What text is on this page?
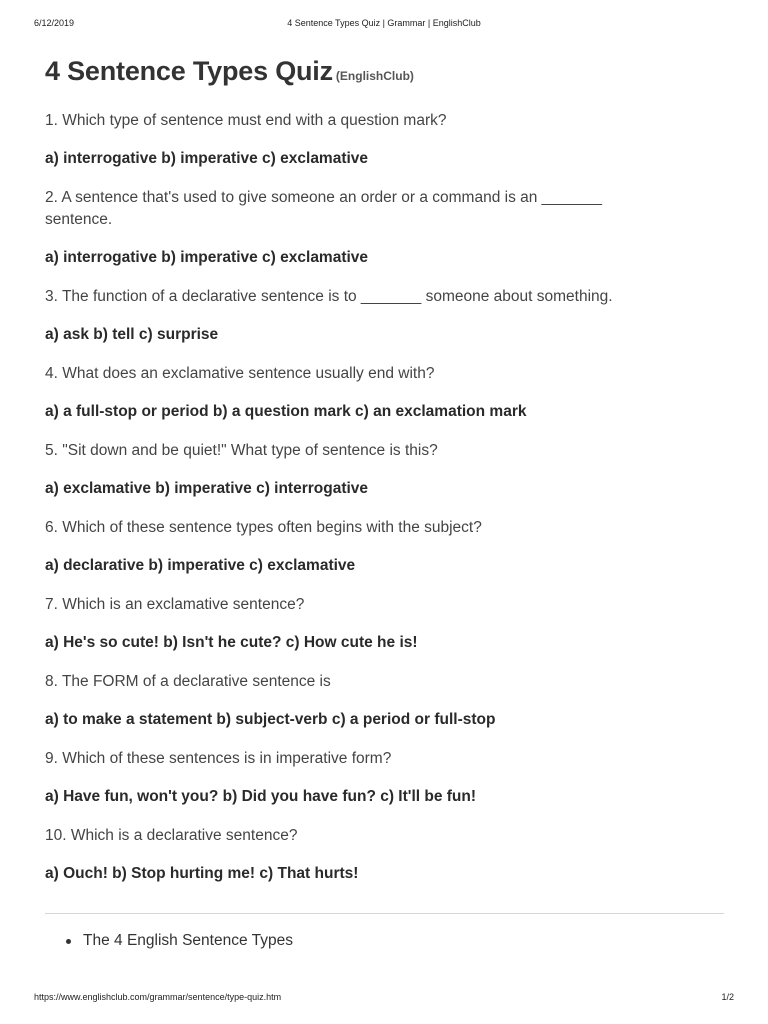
6/12/2019	4 Sentence Types Quiz | Grammar | EnglishClub
4 Sentence Types Quiz (EnglishClub)

1. Which type of sentence must end with a question mark?

a) interrogative b) imperative c) exclamative

2. A sentence that's used to give someone an order or a command is an _______ sentence.

a) interrogative b) imperative c) exclamative

3. The function of a declarative sentence is to _______ someone about something.

a) ask b) tell c) surprise

4. What does an exclamative sentence usually end with?

a) a full-stop or period b) a question mark c) an exclamation mark

5. "Sit down and be quiet!" What type of sentence is this?

a) exclamative b) imperative c) interrogative

6. Which of these sentence types often begins with the subject?

a) declarative b) imperative c) exclamative

7. Which is an exclamative sentence?

a) He's so cute! b) Isn't he cute? c) How cute he is!

8. The FORM of a declarative sentence is

a) to make a statement b) subject-verb c) a period or full-stop

9. Which of these sentences is in imperative form?

a) Have fun, won't you? b) Did you have fun? c) It'll be fun!

10. Which is a declarative sentence?

a) Ouch! b) Stop hurting me! c) That hurts!

The 4 English Sentence Types
https://www.englishclub.com/grammar/sentence/type-quiz.htm	1/2
